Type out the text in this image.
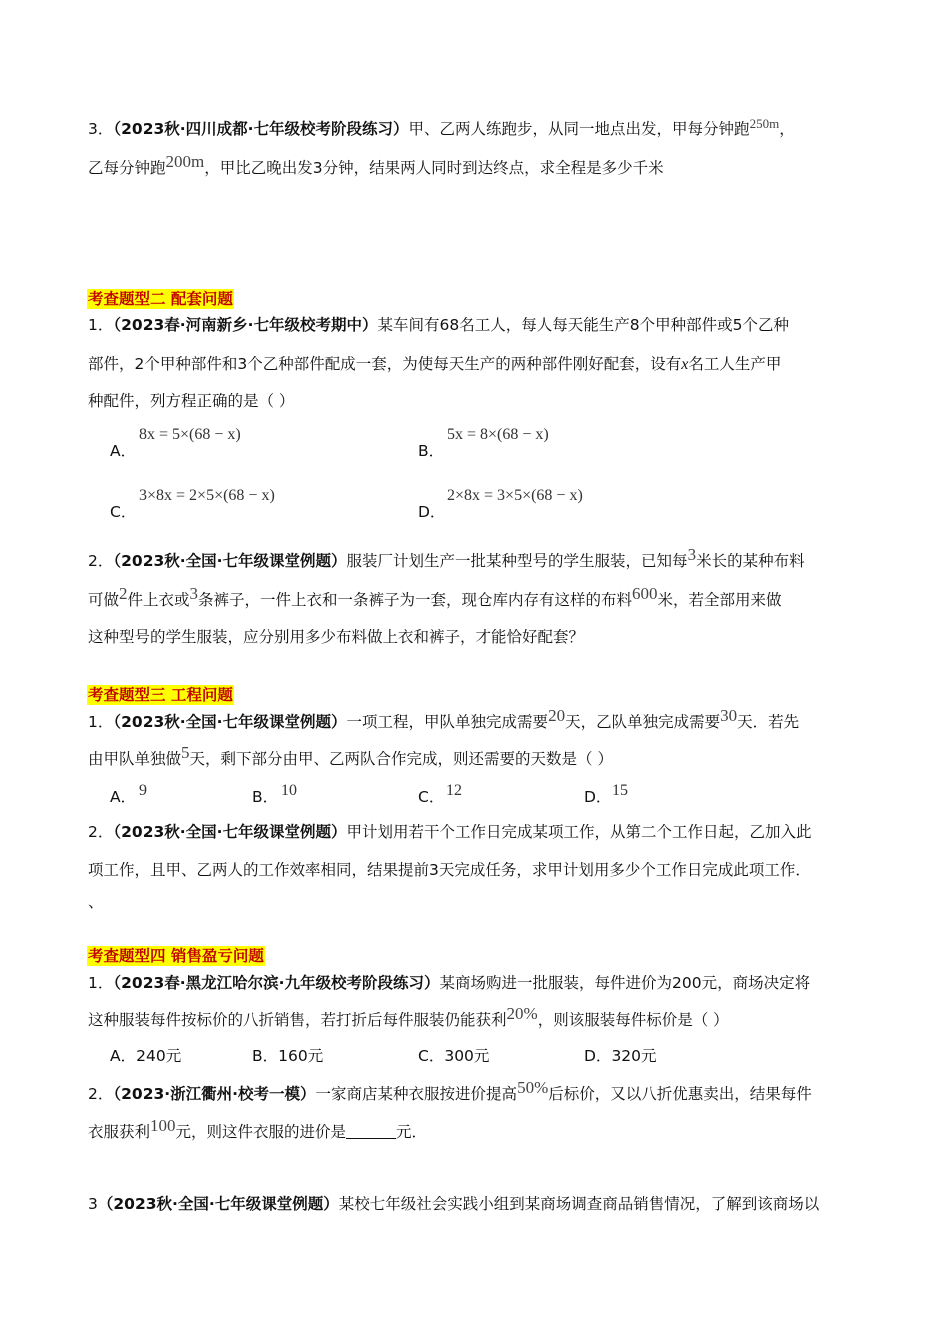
3．（2023秋·四川成都·七年级校考阶段练习）甲、乙两人练跑步，从同一地点出发，甲每分钟跑$^{250m}$，
乙每分钟跑200m，甲比乙晚出发3分钟，结果两人同时到达终点，求全程是多少千米
考查题型二 配套问题
1．（2023春·河南新乡·七年级校考期中）某车间有68名工人，每人每天能生产8个甲种部件或5个乙种
部件，2个甲种部件和3个乙种部件配成一套，为使每天生产的两种部件刚好配套，设有x名工人生产甲
种配件，列方程正确的是（ ）
A．
8x = 5×(68 − x)
B．
5x = 8×(68 − x)
C．
3×8x = 2×5×(68 − x)
D．
2×8x = 3×5×(68 − x)
2．（2023秋·全国·七年级课堂例题）服装厂计划生产一批某种型号的学生服装，已知每3米长的某种布料
可做2件上衣或3条裤子，一件上衣和一条裤子为一套，现仓库内存有这样的布料600米，若全部用来做
这种型号的学生服装，应分别用多少布料做上衣和裤子，才能恰好配套？
考查题型三 工程问题
1．（2023秋·全国·七年级课堂例题）一项工程，甲队单独完成需要20天，乙队单独完成需要30天．若先
由甲队单独做5天，剩下部分由甲、乙两队合作完成，则还需要的天数是（ ）
A． 9	B． 10	C． 12	D． 15
2．（2023秋·全国·七年级课堂例题）甲计划用若干个工作日完成某项工作，从第二个工作日起，乙加入此
项工作，且甲、乙两人的工作效率相同，结果提前3天完成任务，求甲计划用多少个工作日完成此项工作．
、
考查题型四 销售盈亏问题
1．（2023春·黑龙江哈尔滨·九年级校考阶段练习）某商场购进一批服装，每件进价为200元，商场决定将
这种服装每件按标价的八折销售，若打折后每件服装仍能获利20%，则该服装每件标价是（ ）
A．240元	B．160元	C．300元	D．320元
2．（2023·浙江衢州·校考一模）一家商店某种衣服按进价提高50%后标价，又以八折优惠卖出，结果每件
衣服获利100元，则这件衣服的进价是	元．
3（2023秋·全国·七年级课堂例题）某校七年级社会实践小组到某商场调查商品销售情况，了解到该商场以
